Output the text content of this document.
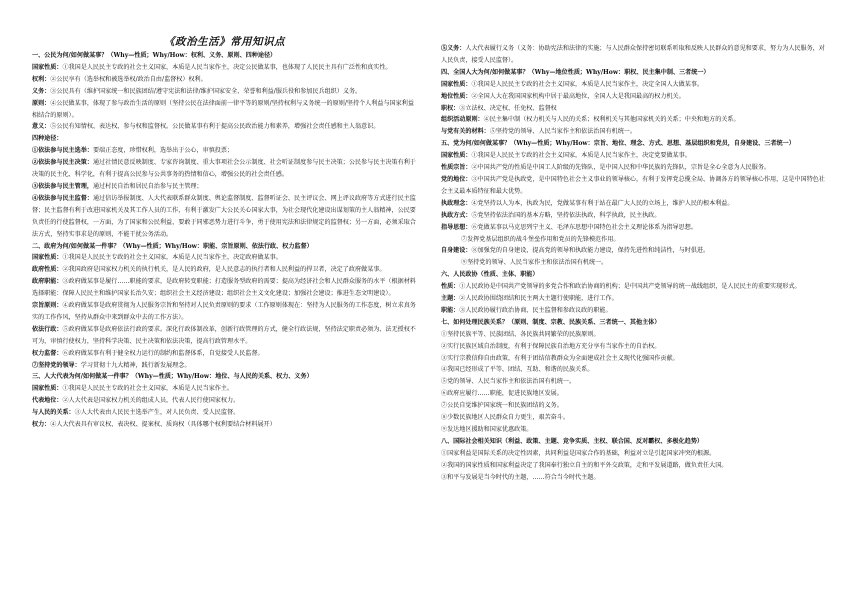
《政治生活》常用知识点
一、公民为何/如何做某事？（Why—性质；Why/How：权利、义务、原则、四种途径）
国家性质：①我国是人民民主专政的社会主义国家，本质是人民当家作主，决定公民做某事，也体现了人民民主具有广泛性和真实性。
权利：②公民享有（选举权和被选举权/政治自由/监督权）权利。
义务：③公民具有（维护国家统一和民族团结/遵守宪法和法律/维护国家安全、荣誉和利益/服兵役和参加民兵组织）义务。
原则：④公民做某事，体现了参与政治生活的原则（坚持公民在法律面前一律平等的原则/坚持权利与义务统一的原则/坚持个人利益与国家利益相结合的原则）。
意义：⑤公民有知情权、表达权、参与权和监督权。公民做某事有利于提高公民政治能力和素养，增强社会责任感和主人翁意识。
四种途径：
①依法参与民主选举：要端正态度，珍惜权利，选举出于公心，审慎投票；
②依法参与民主决策：通过社情民意反映制度、专家咨询制度、重大事项社会公示制度、社会听证制度参与民主决策；公民参与民主决策有利于决策的民主化、科学化，有利于提高公民参与公共事务的热情和信心，增强公民的社会责任感。
③依法参与民主管理，通过村民自治和居民自治参与民主管理；
④依法参与民主监督：通过信访举报制度、人大代表联系群众制度、舆论监督制度、监督听证会、民主评议会、网上评议政府等方式进行民主监督；民主监督有利于改进国家机关及其工作人员的工作，有利于激发广大公民关心国家大事，为社会现代化建设出谋划策的主人翁精神，公民要负责任的行使监督权，一方面，为了国家和公民利益，要敢于同邪恶势力进行斗争，勇于使用宪法和法律规定的监督权；另一方面，必须采取合法方式，坚持实事求是的原则，不能干扰公务活动。
二、政府为何/如何做某一件事？（Why—性质；Why/How：职能、宗旨原则、依法行政、权力监督）
国家性质：①我国是人民民主专政的社会主义国家，本质是人民当家作主，决定政府做某事。
政府性质：②我国政府是国家权力机关的执行机关，是人民的政府，是人民意志的执行者和人民利益的捍卫者，决定了政府做某事。
政府职能：③政府做某事是履行……职能的要求，是政府转变职能；打造服务型政府的需要；提高为经济社会和人民群众服务的水平（根据材料选择职能：保障人民民主和维护国家长治久安；组织社会主义经济建设；组织社会主义文化建设；加强社会建设；推进生态文明建设）。
宗旨原则：④政府做某事是政府贯彻为人民服务宗旨和坚持对人民负责原则的要求（工作原则体现在：坚持为人民服务的工作态度，树立求真务实的工作作风，坚持从群众中来到群众中去的工作方法）。
依法行政：⑤政府做某事是政府依法行政的要求。深化行政体制改革，创新行政管理的方式，健全行政法规，坚持法定职责必须为、法无授权不可为，审慎行使权力，坚持科学决策、民主决策和依法决策，提高行政管理水平。
权力监督：⑥政府做某事有利于健全权力运行的制约和监督体系，自觉接受人民监督。
⑦坚持党的领导：学习贯彻十九大精神，践行新发展理念。
三、人大代表为何/如何做某一件事？（Why—性质；Why/How：地位、与人民的关系、权力、义务）
国家性质：①我国是人民民主专政的社会主义国家，本质是人民当家作主。
代表地位：②人大代表是国家权力机关的组成人员，代表人民行使国家权力。
与人民的关系：③人大代表由人民民主选举产生，对人民负责、受人民监督。
权力：④人大代表具有审议权、表决权、提案权、质询权（具体哪个权利要结合材料展开）
⑤义务：人大代表履行义务（义务：协助宪法和法律的实施；与人民群众保持密切联系听取和反映人民群众的意见和要求，努力为人民服务，对人民负责，接受人民监督）。
四、全国人大为何/如何做某事？（Why—地位性质；Why/How：职权、民主集中制、三者统一）
国家性质：①我国是人民民主专政的社会主义国家，本质是人民当家作主，决定全国人大做某事。
地位性质：②全国人大在我国国家机构中居于最高地位，全国人大是我国最高的权力机关。
职权：③立法权、决定权、任免权、监督权
组织活动原则：④民主集中制（权力机关与人民的关系；权利机关与其他国家机关的关系；中央和地方的关系。
与党有关的材料：⑤坚持党的领导、人民当家作主和依法治国有机统一。
五、党为何/如何做某事？（Why—性质；Why/How：宗旨、地位、理念、方式、思想、基层组织和党员，自身建设、三者统一）
国家性质：①我国是人民民主专政的社会主义国家，本质是人民当家作主，决定党要做某事。
性质宗旨：②中国共产党的性质是中国工人阶级的先锋队，是中国人民和中华民族的先锋队，宗旨是全心全意为人民服务。
党的地位：③中国共产党是执政党，是中国特色社会主义事业的领导核心，有利于发挥党总揽全局、协调各方的领导核心作用，这是中国特色社会主义最本质特征和最大优势。
执政理念：④党坚持以人为本，执政为民，党做某事有利于站在最广大人民的立场上，维护人民的根本利益。
执政方式：⑤党坚持依法治国的基本方略，坚持依法执政，科学执政，民主执政。
指导思想：⑥党做某事以马克思列宁主义、毛泽东思想中国特色社会主义理论体系为指导思想。
⑦发挥党基层组织的战斗堡垒作用和党员的先锋模范作用。
自身建设：⑧加强党的自身建设，提高党的领导和执政能力建设，保持先进性和纯洁性，与时俱进。
⑨坚持党的领导、人民当家作主和依法治国有机统一。
六、人民政协（性质、主体、职能）
性质：①人民政协是中国共产党领导的多党合作和政治协商的机构；是中国共产党领导的统一战线组织，是人民民主的重要实现形式。
主题：②人民政协围绕团结和民主两大主题行使职能，进行工作。
职能：③人民政协履行政治协商、民主监督和参政议政的职能。
七、如何处理民族关系？（原则、制度、宗教、民族关系、三者统一、其他主体）
①坚持民族平等、民族团结、各民族共同繁荣的民族原则。
②实行民族区域自治制度，有利于保障民族自治地方充分享有当家作主的自治权。
③实行宗教信仰自由政策，有利于团结信教群众为全面建成社会主义现代化强国作贡献。
④我国已经形成了平等、团结、互助、和谐的民族关系。
⑤党的领导、人民当家作主和依法治国有机统一。
⑥政府应履行……职能，促进民族地区发展。
⑦公民自觉维护国家统一和民族团结的义务。
⑧少数民族地区人民群众自力更生，艰苦奋斗。
⑨发达地区援助和国家优惠政策。
八、国际社会相关知识（利益、政策、主题、竞争实质、主权、联合国、反对霸权、多极化趋势）
①国家利益是国际关系的决定性因素，共同利益是国家合作的基础，利益对立是引起国家冲突的根源。
②我国的国家性质和国家利益决定了我国奉行独立自主的和平外交政策，走和平发展道路，做负责任大国。
③和平与发展是当今时代的主题，……符合当今时代主题。
